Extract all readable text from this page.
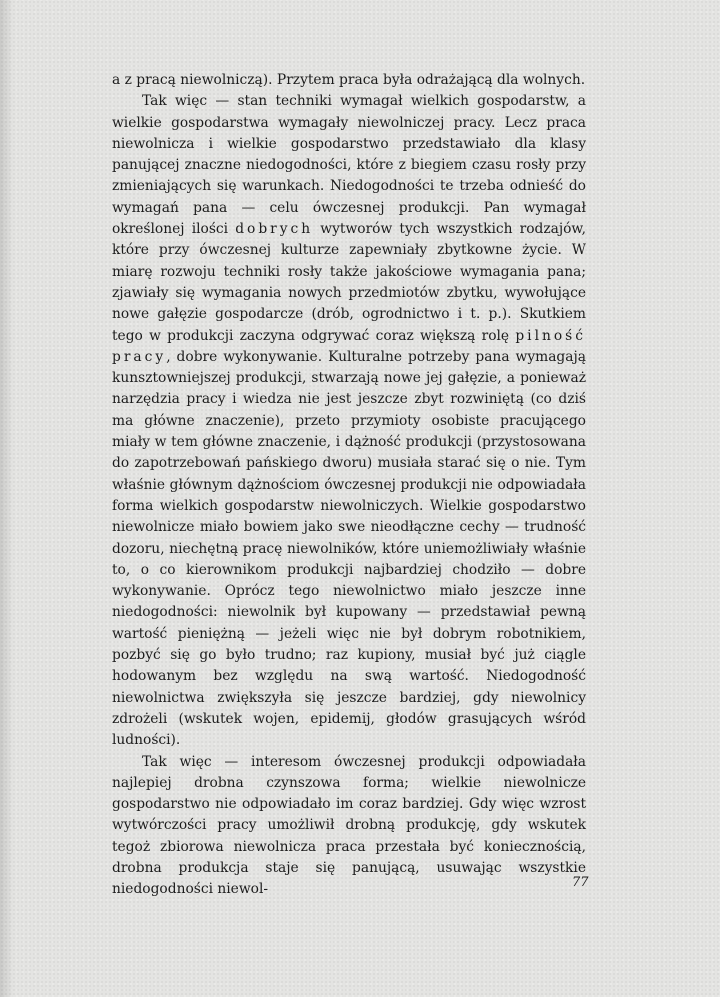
a z pracą niewolniczą). Przytem praca była odrażającą dla wolnych.

Tak więc — stan techniki wymagał wielkich gospodarstw, a wielkie gospodarstwa wymagały niewolniczej pracy. Lecz praca niewolnicza i wielkie gospodarstwo przedstawiało dla klasy panującej znaczne niedogodności, które z biegiem czasu rosły przy zmieniających się warunkach. Niedogodności te trzeba odnieść do wymagań pana — celu ówczesnej produkcji. Pan wymagał określonej ilości dobrych wytworów tych wszystkich rodzajów, które przy ówczesnej kulturze zapewniały zbytkowne życie. W miarę rozwoju techniki rosły także jakościowe wymagania pana; zjawiały się wymagania nowych przedmiotów zbytku, wywołujące nowe gałęzie gospodarcze (drób, ogrodnictwo i t. p.). Skutkiem tego w produkcji zaczyna odgrywać coraz większą rolę pilność pracy, dobre wykonywanie. Kulturalne potrzeby pana wymagają kunsztowniejszej produkcji, stwarzają nowe jej gałęzie, a ponieważ narzędzia pracy i wiedza nie jest jeszcze zbyt rozwiniętą (co dziś ma główne znaczenie), przeto przymioty osobiste pracującego miały w tem główne znaczenie, i dążność produkcji (przystosowana do zapotrzebowań pańskiego dworu) musiała starać się o nie. Tym właśnie głównym dążnościom ówczesnej produkcji nie odpowiadała forma wielkich gospodarstw niewolniczych. Wielkie gospodarstwo niewolnicze miało bowiem jako swe nieodłączne cechy — trudność dozoru, niechętną pracę niewolników, które uniemożliwiały właśnie to, o co kierownikom produkcji najbardziej chodziło — dobre wykonywanie. Oprócz tego niewolnictwo miało jeszcze inne niedogodności: niewolnik był kupowany — przedstawiał pewną wartość pieniężną — jeżeli więc nie był dobrym robotnikiem, pozbyć się go było trudno; raz kupiony, musiał być już ciągle hodowanym bez względu na swą wartość. Niedogodność niewolnictwa zwiększyła się jeszcze bardziej, gdy niewolnicy zdrożeli (wskutek wojen, epidemij, głodów grasujących wśród ludności).

Tak więc — interesom ówczesnej produkcji odpowiadała najlepiej drobna czynszowa forma; wielkie niewolnicze gospodarstwo nie odpowiadało im coraz bardziej. Gdy więc wzrost wytwórczości pracy umożliwił drobną produkcję, gdy wskutek tegoż zbiorowa niewolnicza praca przestała być koniecznością, drobna produkcja staje się panującą, usuwając wszystkie niedogodności niewol-	77
